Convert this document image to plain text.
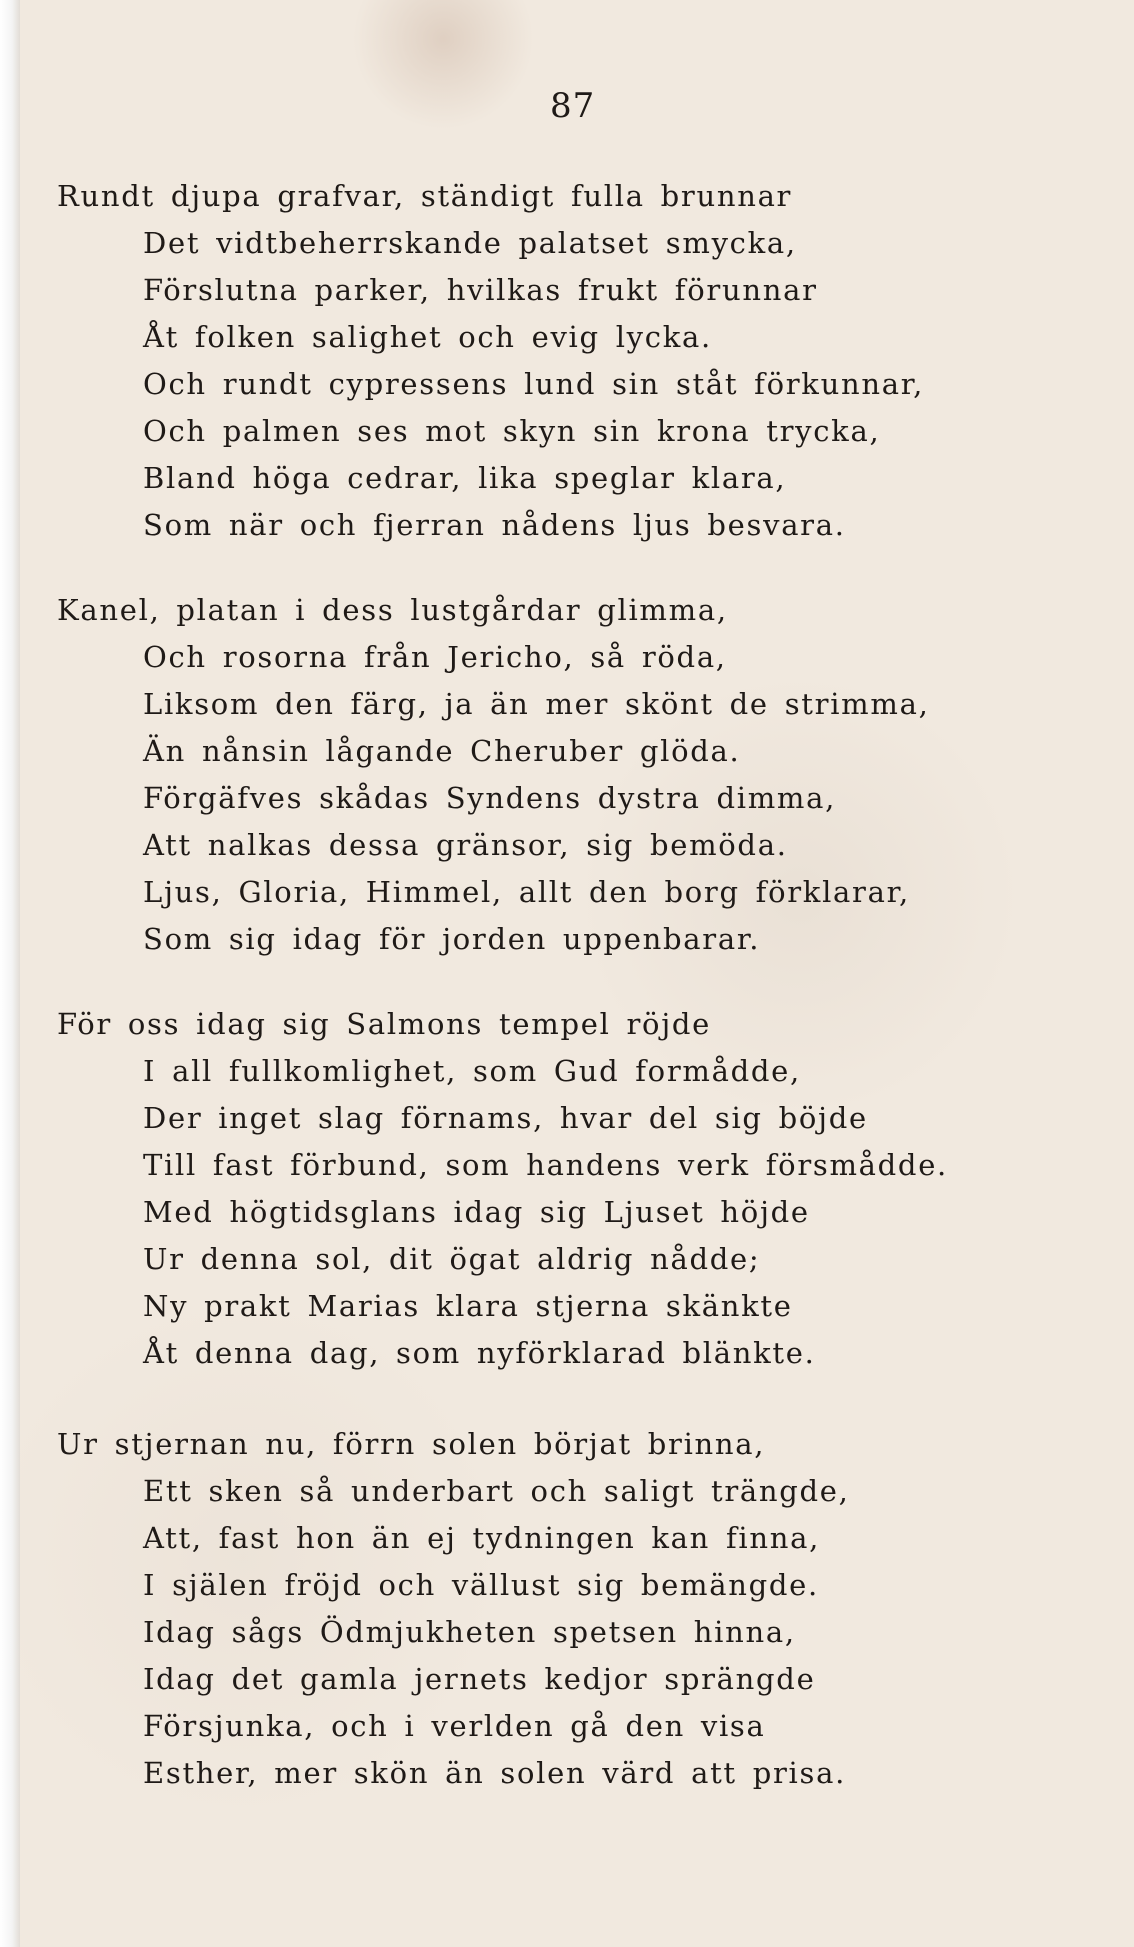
87
Rundt djupa grafvar, ständigt fulla brunnar
Det vidtbeherrskande palatset smycka,
Förslutna parker, hvilkas frukt förunnar
Åt folken salighet och evig lycka.
Och rundt cypressens lund sin ståt förkunnar,
Och palmen ses mot skyn sin krona trycka,
Bland höga cedrar, lika speglar klara,
Som när och fjerran nådens ljus besvara.
Kanel, platan i dess lustgårdar glimma,
Och rosorna från Jericho, så röda,
Liksom den färg, ja än mer skönt de strimma,
Än nånsin lågande Cheruber glöda.
Förgäfves skådas Syndens dystra dimma,
Att nalkas dessa gränsor, sig bemöda.
Ljus, Gloria, Himmel, allt den borg förklarar,
Som sig idag för jorden uppenbarar.
För oss idag sig Salmons tempel röjde
I all fullkomlighet, som Gud formådde,
Der inget slag förnams, hvar del sig böjde
Till fast förbund, som handens verk försmådde.
Med högtidsglans idag sig Ljuset höjde
Ur denna sol, dit ögat aldrig nådde;
Ny prakt Marias klara stjerna skänkte
Åt denna dag, som nyförklarad blänkte.
Ur stjernan nu, förrn solen börjat brinna,
Ett sken så underbart och saligt trängde,
Att, fast hon än ej tydningen kan finna,
I själen fröjd och vällust sig bemängde.
Idag sågs Ödmjukheten spetsen hinna,
Idag det gamla jernets kedjor sprängde
Försjunka, och i verlden gå den visa
Esther, mer skön än solen värd att prisa.
